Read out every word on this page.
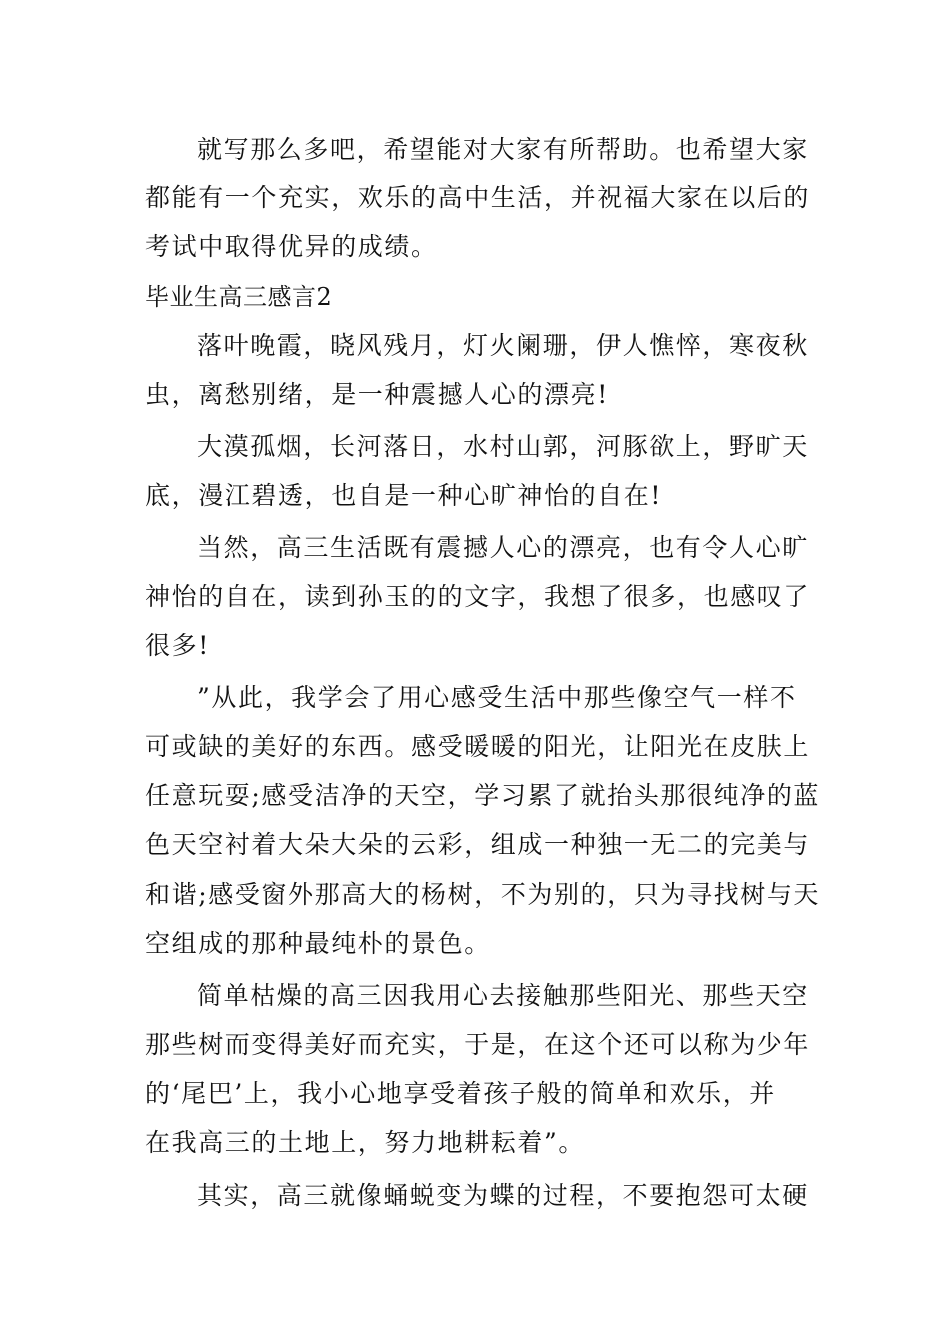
就写那么多吧，希望能对大家有所帮助。也希望大家

都能有一个充实，欢乐的高中生活，并祝福大家在以后的

考试中取得优异的成绩。

毕业生高三感言2

落叶晚霞，晓风残月，灯火阑珊，伊人憔悴，寒夜秋

虫，离愁别绪，是一种震撼人心的漂亮!

大漠孤烟，长河落日，水村山郭，河豚欲上，野旷天

底，漫江碧透，也自是一种心旷神怡的自在!

当然，高三生活既有震撼人心的漂亮，也有令人心旷

神怡的自在，读到孙玉的的文字，我想了很多，也感叹了

很多!

”从此，我学会了用心感受生活中那些像空气一样不

可或缺的美好的东西。感受暖暖的阳光，让阳光在皮肤上

任意玩耍;感受洁净的天空，学习累了就抬头那很纯净的蓝

色天空衬着大朵大朵的云彩，组成一种独一无二的完美与

和谐;感受窗外那高大的杨树，不为别的，只为寻找树与天

空组成的那种最纯朴的景色。

简单枯燥的高三因我用心去接触那些阳光、那些天空

那些树而变得美好而充实，于是，在这个还可以称为少年

的‘尾巴’上，我小心地享受着孩子般的简单和欢乐，并

在我高三的土地上，努力地耕耘着”。

其实，高三就像蛹蜕变为蝶的过程，不要抱怨可太硬
